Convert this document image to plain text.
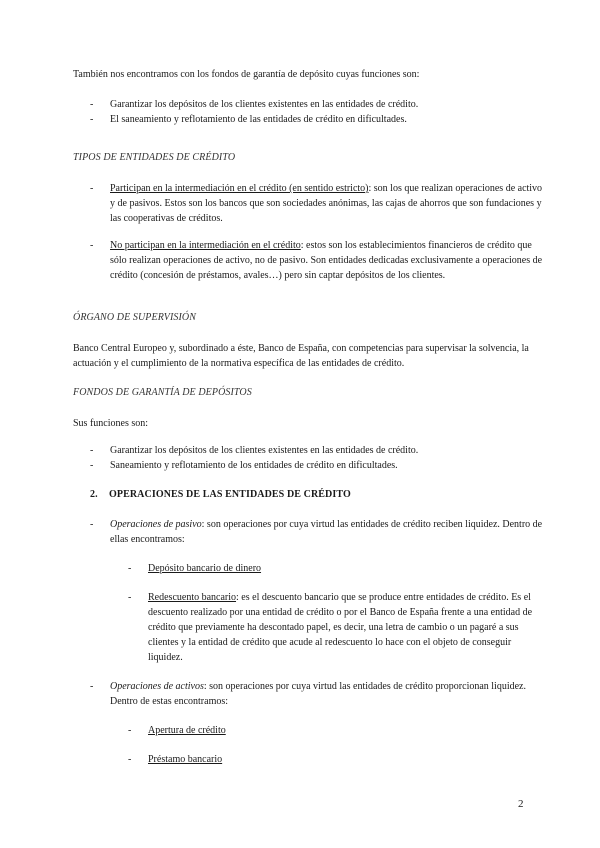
También nos encontramos con los fondos de garantía de depósito cuyas funciones son:

-	Garantizar los depósitos de los clientes existentes en las entidades de crédito.
-	El saneamiento y reflotamiento de las entidades de crédito en dificultades.

TIPOS DE ENTIDADES DE CRÉDITO

-	Participan en la intermediación en el crédito (en sentido estricto): son los que realizan operaciones de activo y de pasivos. Estos son los bancos que son sociedades anónimas, las cajas de ahorros que son fundaciones y las cooperativas de créditos.
-	No participan en la intermediación en el crédito: estos son los establecimientos financieros de crédito que sólo realizan operaciones de activo, no de pasivo. Son entidades dedicadas exclusivamente a operaciones de crédito (concesión de préstamos, avales…) pero sin captar depósitos de los clientes.

ÓRGANO DE SUPERVISIÓN

Banco Central Europeo y, subordinado a éste, Banco de España, con competencias para supervisar la solvencia, la actuación y el cumplimiento de la normativa específica de las entidades de crédito.

FONDOS DE GARANTÍA DE DEPÓSITOS

Sus funciones son:

-	Garantizar los depósitos de los clientes existentes en las entidades de crédito.
-	Saneamiento y reflotamiento de los entidades de crédito en dificultades.

2. OPERACIONES DE LAS ENTIDADES DE CRÉDITO

-	Operaciones de pasivo: son operaciones por cuya virtud las entidades de crédito reciben liquidez. Dentro de ellas encontramos:
-	Depósito bancario de dinero
-	Redescuento bancario: es el descuento bancario que se produce entre entidades de crédito. Es el descuento realizado por una entidad de crédito o por el Banco de España frente a una entidad de crédito que previamente ha descontado papel, es decir, una letra de cambio o un pagaré a sus clientes y la entidad de crédito que acude al redescuento lo hace con el objeto de conseguir liquidez.
-	Operaciones de activos: son operaciones por cuya virtud las entidades de crédito proporcionan liquidez. Dentro de estas encontramos:
-	Apertura de crédito
-	Préstamo bancario
2
